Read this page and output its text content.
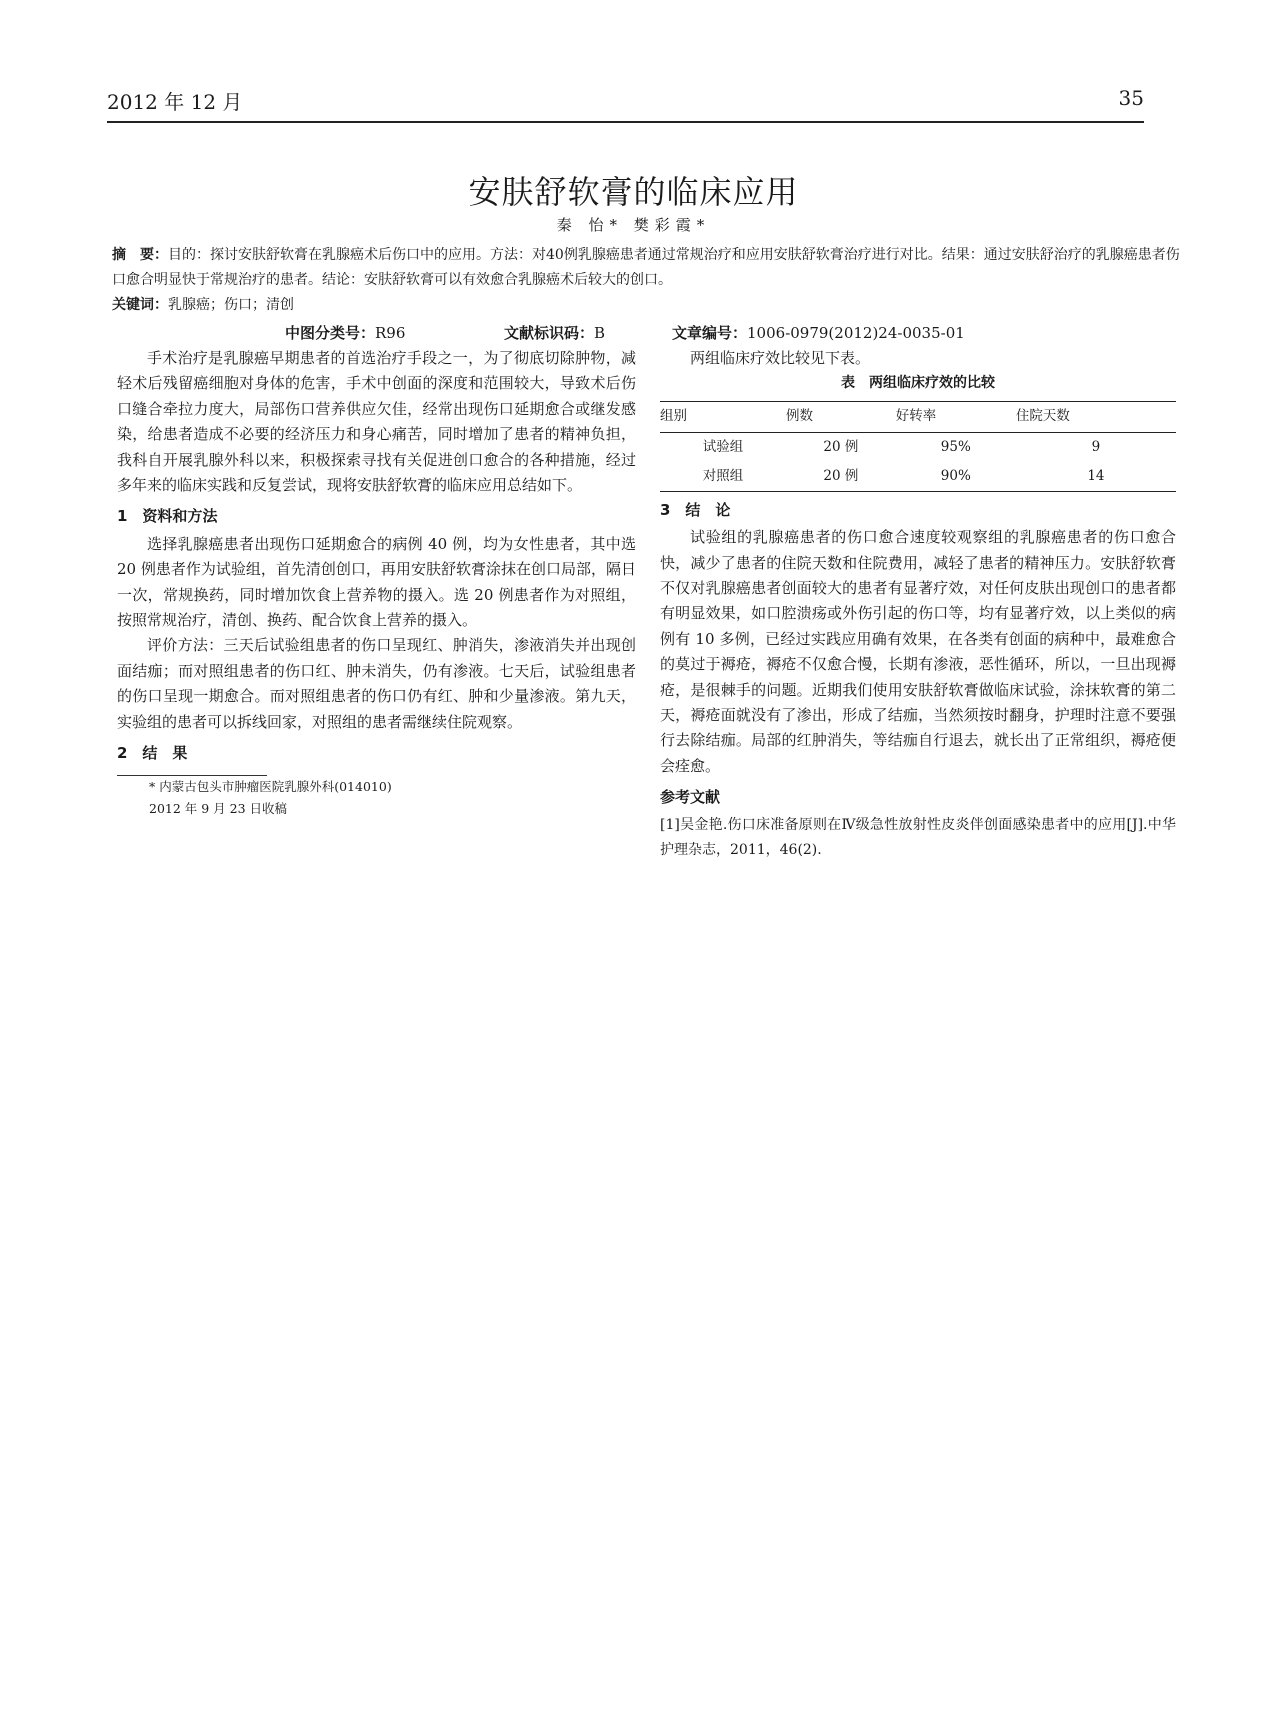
2012 年 12 月	35
安肤舒软膏的临床应用
秦 怡* 樊彩霞*
摘　要：目的：探讨安肤舒软膏在乳腺癌术后伤口中的应用。方法：对40例乳腺癌患者通过常规治疗和应用安肤舒软膏治疗进行对比。结果：通过安肤舒治疗的乳腺癌患者伤口愈合明显快于常规治疗的患者。结论：安肤舒软膏可以有效愈合乳腺癌术后较大的创口。
关键词：乳腺癌；伤口；清创
中图分类号：R96	文献标识码：B	文章编号：1006-0979(2012)24-0035-01

手术治疗是乳腺癌早期患者的首选治疗手段之一，为了彻底切除肿物，减轻术后残留癌细胞对身体的危害，手术中创面的深度和范围较大，导致术后伤口缝合牵拉力度大，局部伤口营养供应欠佳，经常出现伤口延期愈合或继发感染，给患者造成不必要的经济压力和身心痛苦，同时增加了患者的精神负担，我科自开展乳腺外科以来，积极探索寻找有关促进创口愈合的各种措施，经过多年来的临床实践和反复尝试，现将安肤舒软膏的临床应用总结如下。

1　资料和方法

选择乳腺癌患者出现伤口延期愈合的病例 40 例，均为女性患者，其中选 20 例患者作为试验组，首先清创创口，再用安肤舒软膏涂抹在创口局部，隔日一次，常规换药，同时增加饮食上营养物的摄入。选 20 例患者作为对照组，按照常规治疗，清创、换药、配合饮食上营养的摄入。

评价方法：三天后试验组患者的伤口呈现红、肿消失，渗液消失并出现创面结痂；而对照组患者的伤口红、肿未消失，仍有渗液。七天后，试验组患者的伤口呈现一期愈合。而对照组患者的伤口仍有红、肿和少量渗液。第九天，实验组的患者可以拆线回家，对照组的患者需继续住院观察。

2　结　果
* 内蒙古包头市肿瘤医院乳腺外科(014010)
2012 年 9 月 23 日收稿

两组临床疗效比较见下表。

表　两组临床疗效的比较
组别	例数	好转率	住院天数
试验组	20 例	95%	9
对照组	20 例	90%	14
3　结　论

试验组的乳腺癌患者的伤口愈合速度较观察组的乳腺癌患者的伤口愈合快，减少了患者的住院天数和住院费用，减轻了患者的精神压力。安肤舒软膏不仅对乳腺癌患者创面较大的患者有显著疗效，对任何皮肤出现创口的患者都有明显效果，如口腔溃疡或外伤引起的伤口等，均有显著疗效，以上类似的病例有 10 多例，已经过实践应用确有效果，在各类有创面的病种中，最难愈合的莫过于褥疮，褥疮不仅愈合慢，长期有渗液，恶性循环，所以，一旦出现褥疮，是很棘手的问题。近期我们使用安肤舒软膏做临床试验，涂抹软膏的第二天，褥疮面就没有了渗出，形成了结痂，当然须按时翻身，护理时注意不要强行去除结痂。局部的红肿消失，等结痂自行退去，就长出了正常组织，褥疮便会痊愈。

参考文献
[1]吴金艳.伤口床准备原则在Ⅳ级急性放射性皮炎伴创面感染患者中的应用[J].中华护理杂志，2011，46(2).
